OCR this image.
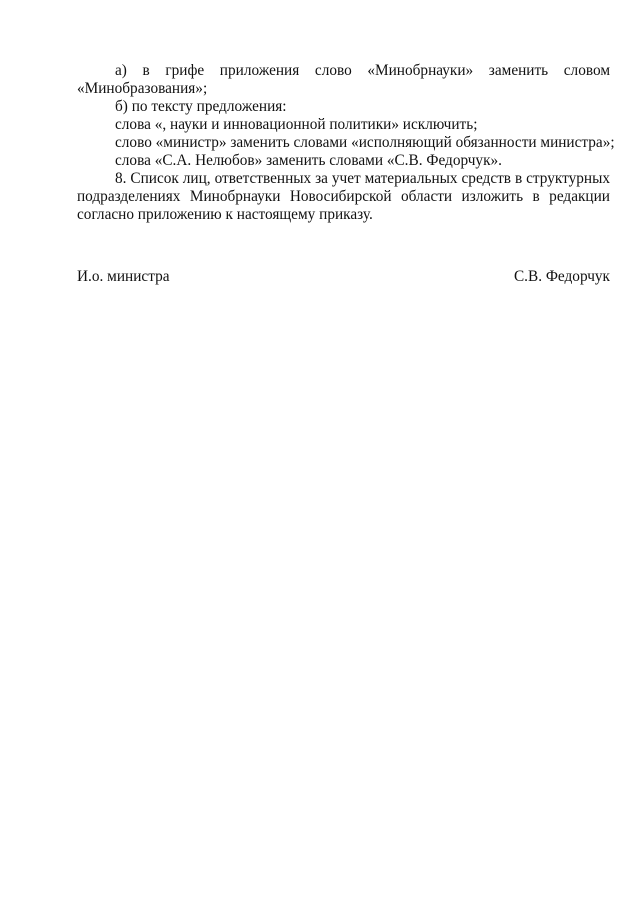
а) в грифе приложения слово «Минобрнауки» заменить словом
«Минобразования»;
б) по тексту предложения:
слова «, науки и инновационной политики» исключить;
слово «министр» заменить словами «исполняющий обязанности министра»;
слова «С.А. Нелюбов» заменить словами «С.В. Федорчук».
8. Список лиц, ответственных за учет материальных средств в структурных
подразделениях Минобрнауки Новосибирской области изложить в редакции
согласно приложению к настоящему приказу.
И.о. министра	С.В. Федорчук
